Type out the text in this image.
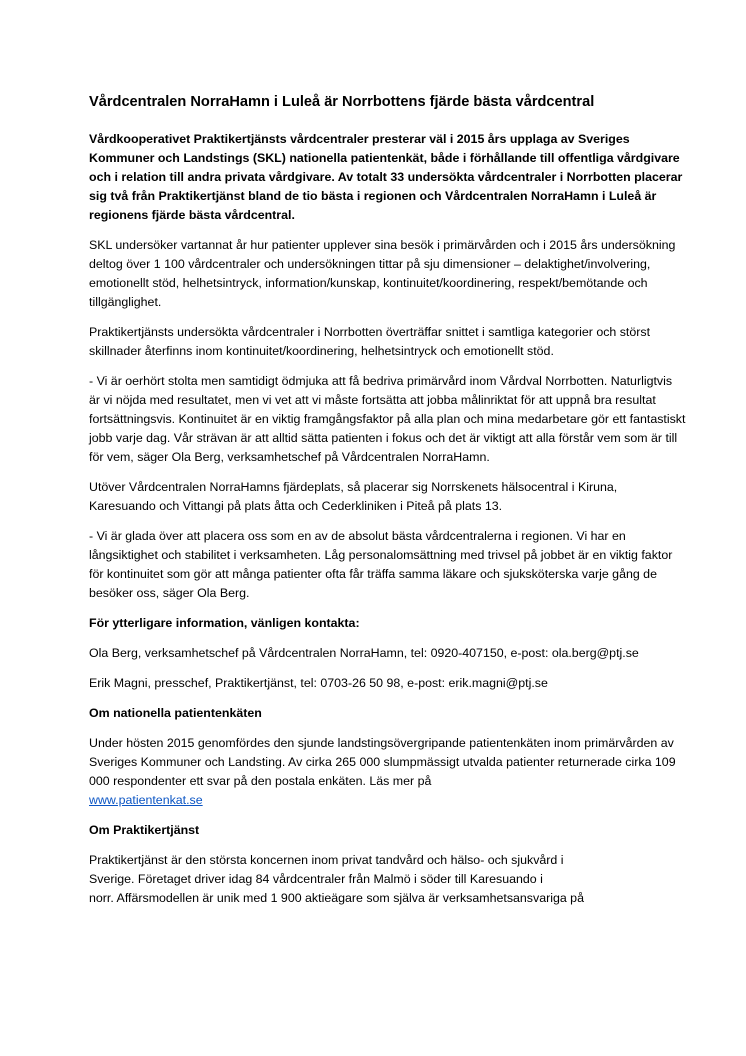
Vårdcentralen NorraHamn i Luleå är Norrbottens fjärde bästa vårdcentral

Vårdkooperativet Praktikertjänsts vårdcentraler presterar väl i 2015 års upplaga av Sveriges Kommuner och Landstings (SKL) nationella patientenkät, både i förhållande till offentliga vårdgivare och i relation till andra privata vårdgivare. Av totalt 33 undersökta vårdcentraler i Norrbotten placerar sig två från Praktikertjänst bland de tio bästa i regionen och Vårdcentralen NorraHamn i Luleå är regionens fjärde bästa vårdcentral.

SKL undersöker vartannat år hur patienter upplever sina besök i primärvården och i 2015 års undersökning deltog över 1 100 vårdcentraler och undersökningen tittar på sju dimensioner – delaktighet/involvering, emotionellt stöd, helhetsintryck, information/kunskap, kontinuitet/koordinering, respekt/bemötande och tillgänglighet.

Praktikertjänsts undersökta vårdcentraler i Norrbotten överträffar snittet i samtliga kategorier och störst skillnader återfinns inom kontinuitet/koordinering, helhetsintryck och emotionellt stöd.

- Vi är oerhört stolta men samtidigt ödmjuka att få bedriva primärvård inom Vårdval Norrbotten. Naturligtvis är vi nöjda med resultatet, men vi vet att vi måste fortsätta att jobba målinriktat för att uppnå bra resultat fortsättningsvis. Kontinuitet är en viktig framgångsfaktor på alla plan och mina medarbetare gör ett fantastiskt jobb varje dag. Vår strävan är att alltid sätta patienten i fokus och det är viktigt att alla förstår vem som är till för vem, säger Ola Berg, verksamhetschef på Vårdcentralen NorraHamn.

Utöver Vårdcentralen NorraHamns fjärdeplats, så placerar sig Norrskenets hälsocentral i Kiruna, Karesuando och Vittangi på plats åtta och Cederkliniken i Piteå på plats 13.

- Vi är glada över att placera oss som en av de absolut bästa vårdcentralerna i regionen. Vi har en långsiktighet och stabilitet i verksamheten. Låg personalomsättning med trivsel på jobbet är en viktig faktor för kontinuitet som gör att många patienter ofta får träffa samma läkare och sjuksköterska varje gång de besöker oss, säger Ola Berg.

För ytterligare information, vänligen kontakta:

Ola Berg, verksamhetschef på Vårdcentralen NorraHamn, tel: 0920-407150, e-post: ola.berg@ptj.se

Erik Magni, presschef, Praktikertjänst, tel: 0703-26 50 98, e-post: erik.magni@ptj.se

Om nationella patientenkäten

Under hösten 2015 genomfördes den sjunde landstingsövergripande patientenkäten inom primärvården av Sveriges Kommuner och Landsting. Av cirka 265 000 slumpmässigt utvalda patienter returnerade cirka 109 000 respondenter ett svar på den postala enkäten. Läs mer på
www.patientenkat.se

Om Praktikertjänst

Praktikertjänst är den största koncernen inom privat tandvård och hälso- och sjukvård i
Sverige. Företaget driver idag 84 vårdcentraler från Malmö i söder till Karesuando i
norr. Affärsmodellen är unik med 1 900 aktieägare som själva är verksamhetsansvariga på
